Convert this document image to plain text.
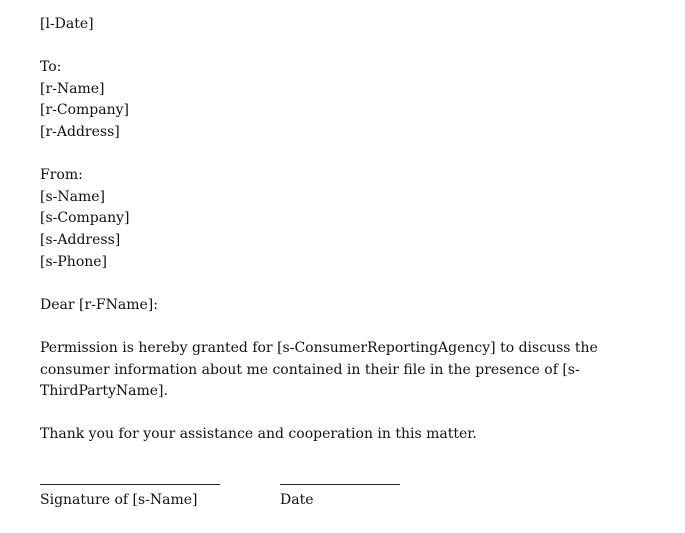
[l-Date]
To:
[r-Name]
[r-Company]
[r-Address]
From:
[s-Name]
[s-Company]
[s-Address]
[s-Phone]
Dear [r-FName]:
Permission is hereby granted for [s-ConsumerReportingAgency] to discuss the consumer information about me contained in their file in the presence of [s-ThirdPartyName].
Thank you for your assistance and cooperation in this matter.
Signature of [s-Name]	Date
